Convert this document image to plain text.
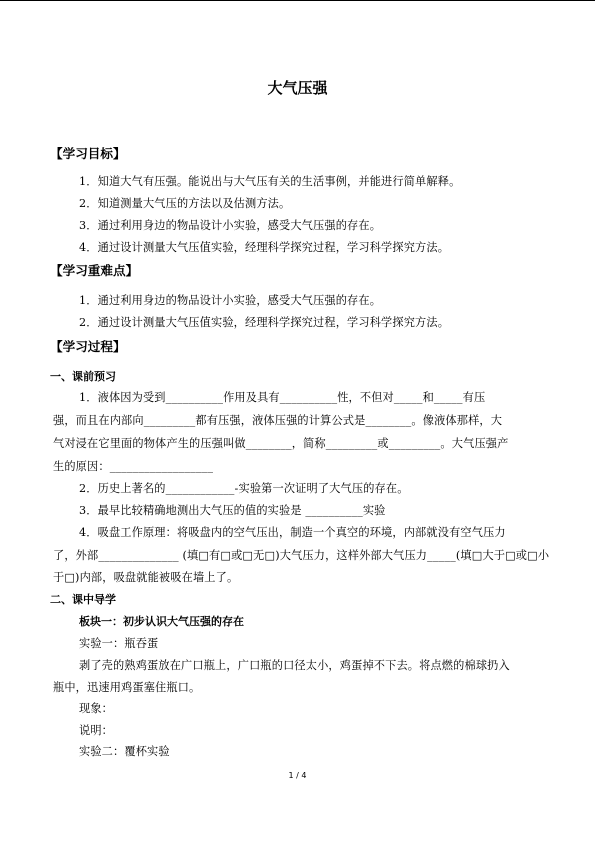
大气压强
【学习目标】
1．知道大气有压强。能说出与大气压有关的生活事例，并能进行简单解释。
2．知道测量大气压的方法以及估测方法。
3．通过利用身边的物品设计小实验，感受大气压强的存在。
4．通过设计测量大气压值实验，经理科学探究过程，学习科学探究方法。
【学习重难点】
1．通过利用身边的物品设计小实验，感受大气压强的存在。
2．通过设计测量大气压值实验，经理科学探究过程，学习科学探究方法。
【学习过程】
一、课前预习
1．液体因为受到__________作用及具有__________性，不但对_____和_____有压
强，而且在内部向_________都有压强，液体压强的计算公式是________。像液体那样，大
气对浸在它里面的物体产生的压强叫做________，简称_________或_________。大气压强产
生的原因：__________________
2．历史上著名的____________-实验第一次证明了大气压的存在。
3．最早比较精确地测出大气压的值的实验是 __________实验
4．吸盘工作原理：将吸盘内的空气压出，制造一个真空的环境，内部就没有空气压力
了，外部______________ (填□有□或□无□)大气压力，这样外部大气压力_____(填□大于□或□小
于□)内部，吸盘就能被吸在墙上了。
二、课中导学
板块一：初步认识大气压强的存在
实验一：瓶吞蛋
剥了壳的熟鸡蛋放在广口瓶上，广口瓶的口径太小，鸡蛋掉不下去。将点燃的棉球扔入
瓶中，迅速用鸡蛋塞住瓶口。
现象：
说明：
实验二：覆杯实验
1 / 4
